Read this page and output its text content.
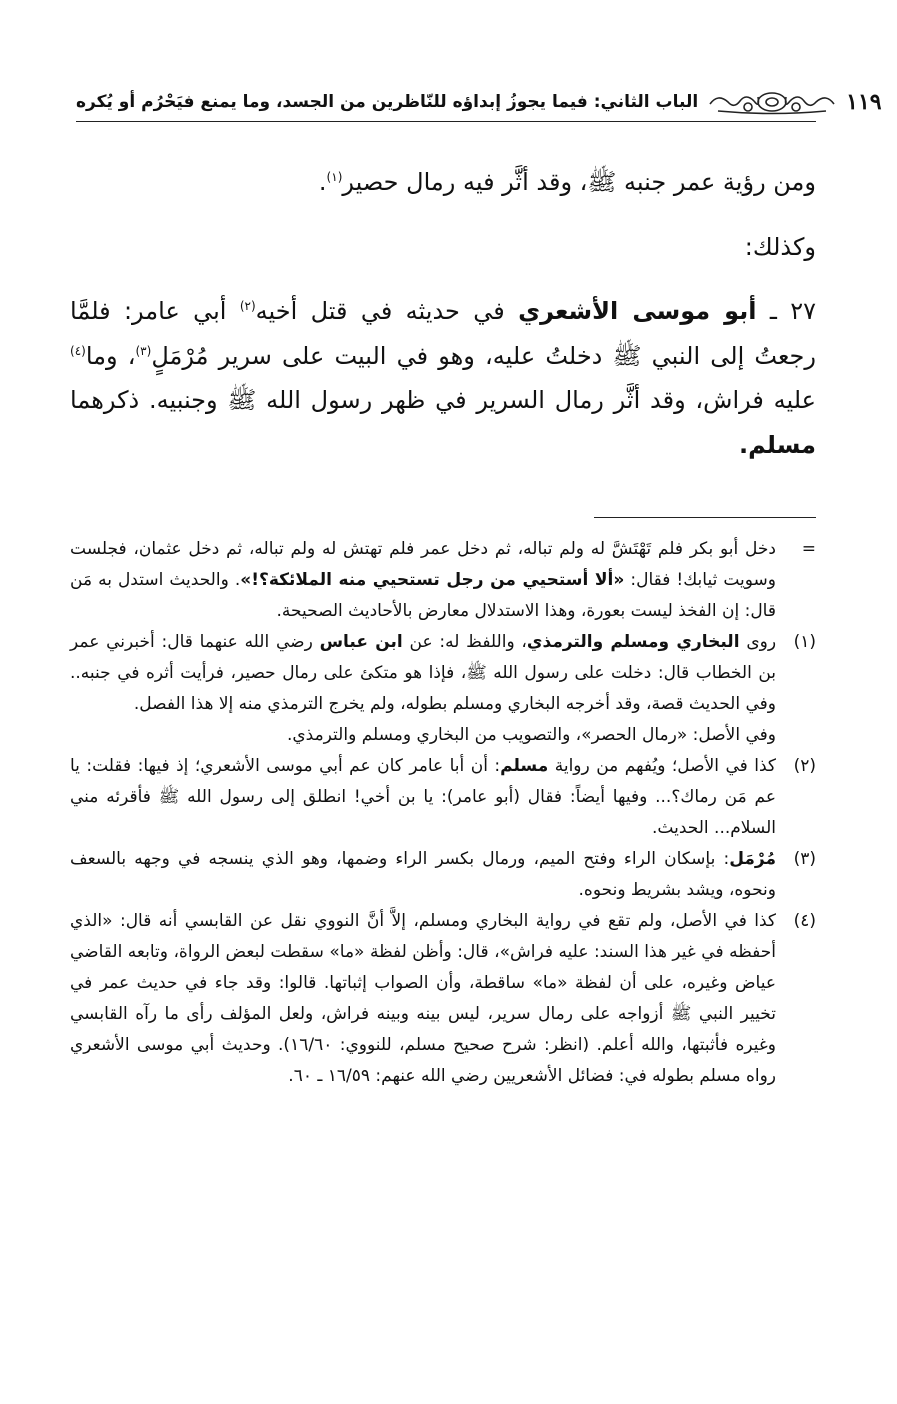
الباب الثاني: فيما يجوزُ إبداؤه للنّاظرين من الجسد، وما يمنع فيَحْرُم أو يُكره	١١٩

ومن رؤية عمر جنبه ﷺ، وقد أثَّر فيه رمال حصير$^{(١)}$.

وكذلك:

٢٧ ـ أبو موسى الأشعري في حديثه في قتل أخيه$^{(٢)}$ أبي عامر: فلمَّا رجعتُ إلى النبي ﷺ دخلتُ عليه، وهو في البيت على سرير مُرْمَلٍ$^{(٣)}$، وما$^{(٤)}$ عليه فراش، وقد أثَّر رمال السرير في ظهر رسول الله ﷺ وجنبيه. ذكرهما مسلم.

=
دخل أبو بكر فلم تَهْتَشَّ له ولم تباله، ثم دخل عمر فلم تهتش له ولم تباله، ثم دخل عثمان، فجلست وسويت ثيابك! فقال: «ألا أستحيي من رجل تستحيي منه الملائكة؟!». والحديث استدل به مَن قال: إن الفخذ ليست بعورة، وهذا الاستدلال معارض بالأحاديث الصحيحة.
(١)
روى البخاري ومسلم والترمذي، واللفظ له: عن ابن عباس رضي الله عنهما قال: أخبرني عمر بن الخطاب قال: دخلت على رسول الله ﷺ، فإذا هو متكئ على رمال حصير، فرأيت أثره في جنبه.. وفي الحديث قصة، وقد أخرجه البخاري ومسلم بطوله، ولم يخرج الترمذي منه إلا هذا الفصل.
وفي الأصل: «رمال الحصر»، والتصويب من البخاري ومسلم والترمذي.
(٢)
كذا في الأصل؛ ويُفهم من رواية مسلم: أن أبا عامر كان عم أبي موسى الأشعري؛ إذ فيها: فقلت: يا عم مَن رماك؟... وفيها أيضاً: فقال (أبو عامر): يا بن أخي! انطلق إلى رسول الله ﷺ فأقرئه مني السلام... الحديث.
(٣)
مُرْمَل: بإسكان الراء وفتح الميم، ورمال بكسر الراء وضمها، وهو الذي ينسجه في وجهه بالسعف ونحوه، ويشد بشريط ونحوه.
(٤)
كذا في الأصل، ولم تقع في رواية البخاري ومسلم، إلاَّ أنَّ النووي نقل عن القابسي أنه قال: «الذي أحفظه في غير هذا السند: عليه فراش»، قال: وأظن لفظة «ما» سقطت لبعض الرواة، وتابعه القاضي عياض وغيره، على أن لفظة «ما» ساقطة، وأن الصواب إثباتها. قالوا: وقد جاء في حديث عمر في تخيير النبي ﷺ أزواجه على رمال سرير، ليس بينه وبينه فراش، ولعل المؤلف رأى ما رآه القابسي وغيره فأثبتها، والله أعلم. (انظر: شرح صحيح مسلم، للنووي: ١٦/٦٠). وحديث أبي موسى الأشعري رواه مسلم بطوله في: فضائل الأشعريين رضي الله عنهم: ١٦/٥٩ ـ ٦٠.
